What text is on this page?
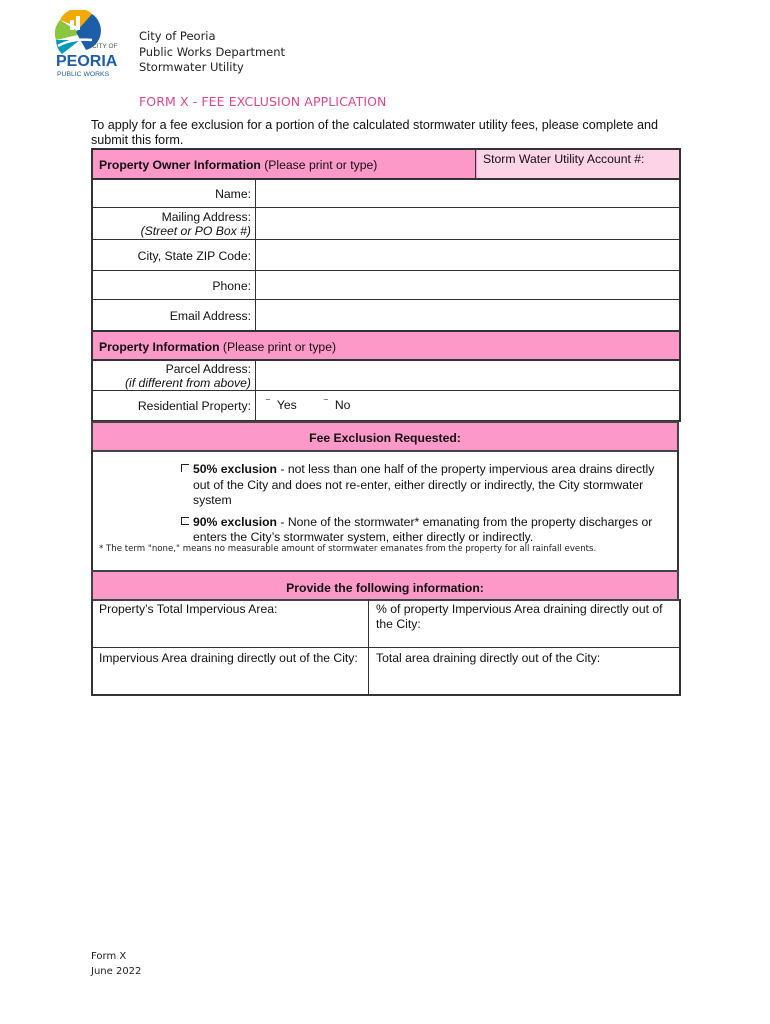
CITY OF
PEORIA
PUBLIC WORKS
City of Peoria
Public Works Department
Stormwater Utility
FORM X - FEE EXCLUSION APPLICATION
To apply for a fee exclusion for a portion of the calculated stormwater utility fees, please complete and submit this form.
Property Owner Information (Please print or type)	Storm Water Utility Account #:
Name:
Mailing Address:
(Street or PO Box #)
City, State ZIP Code:
Phone:
Email Address:
Property Information (Please print or type)
Parcel Address:
(if different from above)
Residential Property: ⁻ Yes ⁻ No
Fee Exclusion Requested:
50% exclusion - not less than one half of the property impervious area drains directly
out of the City and does not re-enter, either directly or indirectly, the City stormwater
system
90% exclusion - None of the stormwater* emanating from the property discharges or
enters the City’s stormwater system, either directly or indirectly.
* The term "none," means no measurable amount of stormwater emanates from the property for all rainfall events.
Provide the following information:
Property’s Total Impervious Area:	% of property Impervious Area draining directly out of
the City:
Impervious Area draining directly out of the City: Total area draining directly out of the City:
Form X
June 2022
